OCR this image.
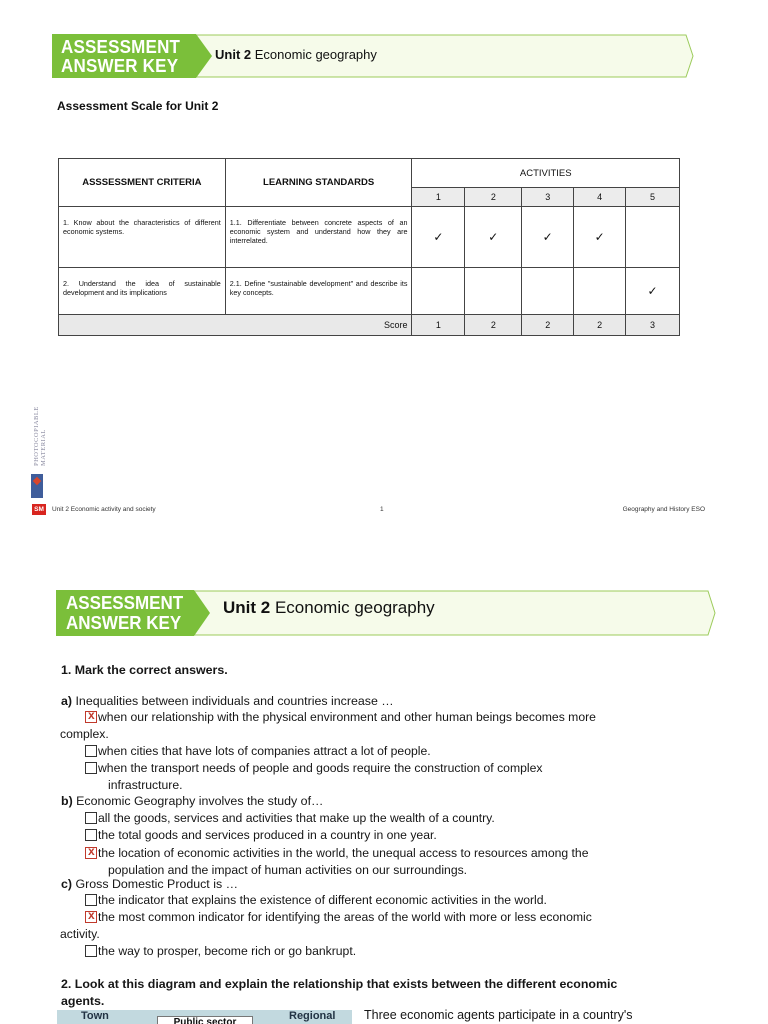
ASSESSMENT
ANSWER KEY
Unit 2 Economic geography
Assessment Scale for Unit 2
ASSSESSMENT CRITERIA	LEARNING STANDARDS	ACTIVITIES				
		1	2	3	4	5
1. Know about the characteristics of different economic systems.	1.1. Differentiate between concrete aspects of an economic system and understand how they are interrelated.	✓	✓	✓	✓	
2. Understand the idea of sustainable development and its implications	2.1. Define "sustainable development" and describe its key concepts.					✓
Score		1	2	2	2	3
PHOTOCOPIABLE MATERIAL
SM	Unit 2 Economic activity and society	1	Geography and History ESO
ASSESSMENT
ANSWER KEY
Unit 2 Economic geography
1. Mark the correct answers.
a) Inequalities between individuals and countries increase …
xwhen our relationship with the physical environment and other human beings becomes more
complex.
when cities that have lots of companies attract a lot of people.
when the transport needs of people and goods require the construction of complex
infrastructure.
b) Economic Geography involves the study of…
all the goods, services and activities that make up the wealth of a country.
the total goods and services produced in a country in one year.
xthe location of economic activities in the world, the unequal access to resources among the
population and the impact of human activities on our surroundings.
c) Gross Domestic Product is …
the indicator that explains the existence of different economic activities in the world.
xthe most common indicator for identifying the areas of the world with more or less economic
activity.
the way to prosper, become rich or go bankrupt.
2. Look at this diagram and explain the relationship that exists between the different economic
agents.
Town
Public sector
Regional Three economic agents participate in a country's
